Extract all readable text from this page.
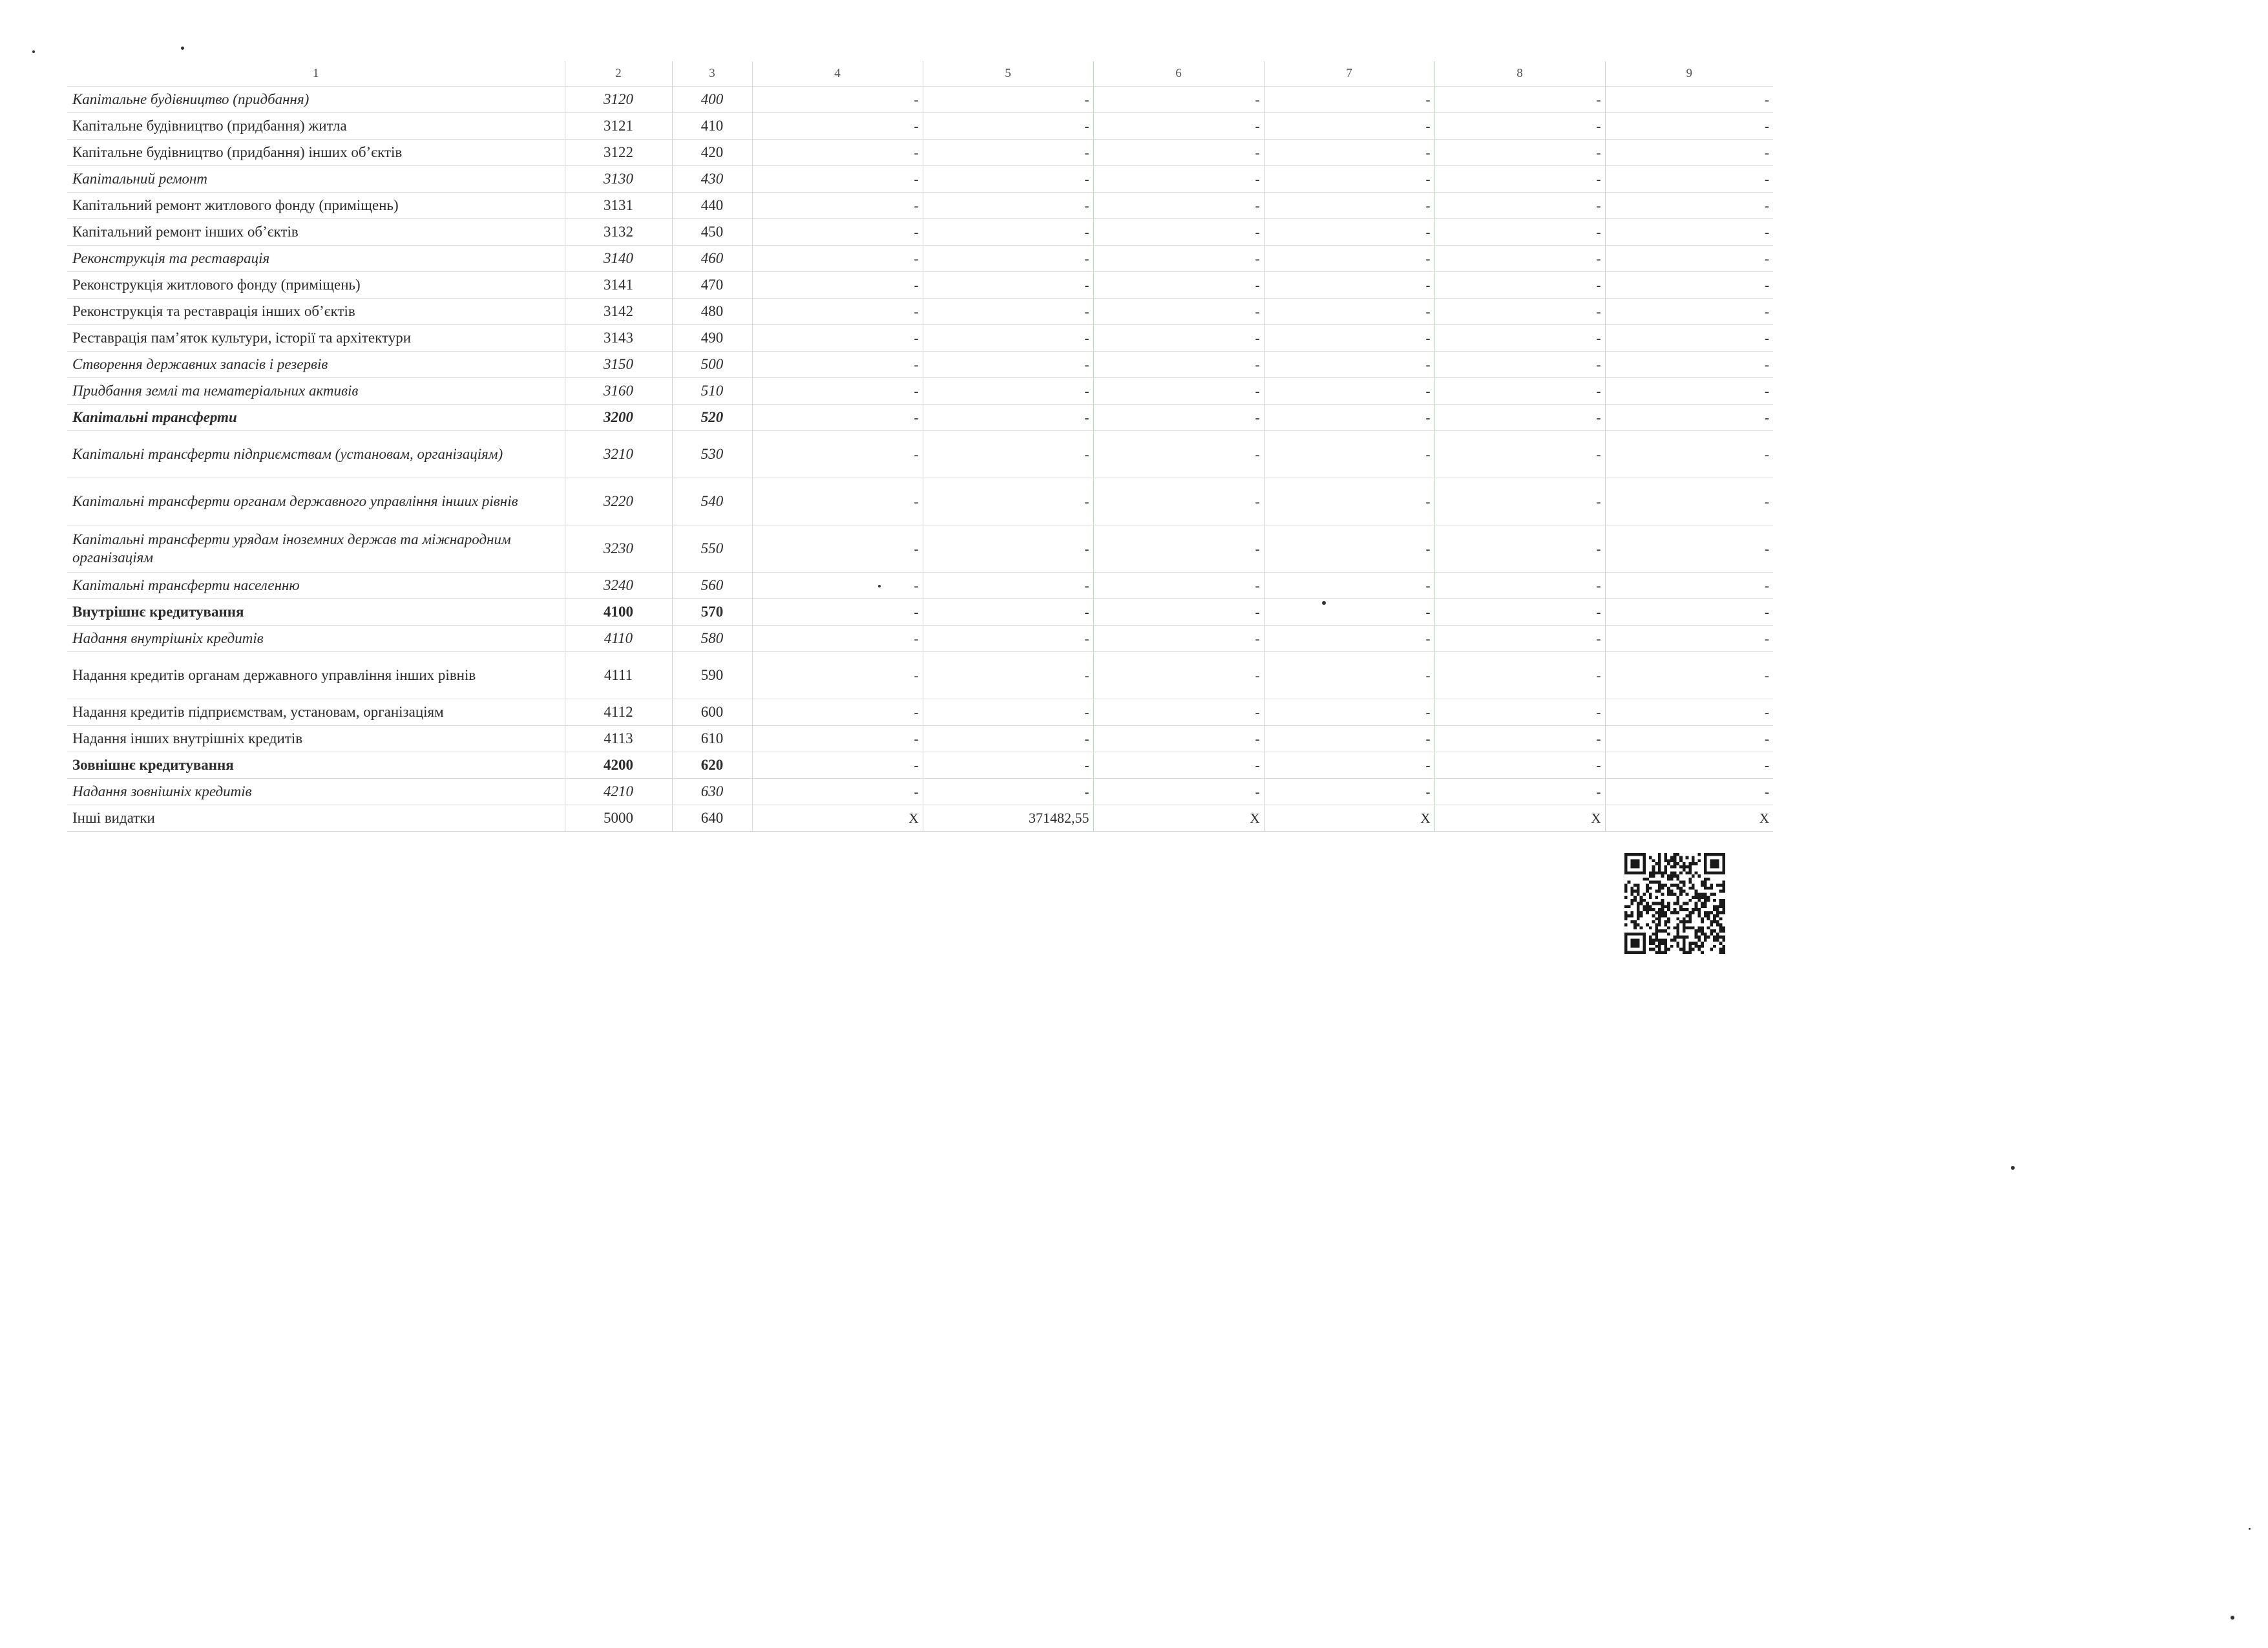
1	2	3	4	5	6	7	8	9
Капітальне будівництво (придбання)	3120	400	-	-	-	-	-	-
Капітальне будівництво (придбання) житла	3121	410	-	-	-	-	-	-
Капітальне будівництво (придбання) інших об’єктів	3122	420	-	-	-	-	-	-
Капітальний ремонт	3130	430	-	-	-	-	-	-
Капітальний ремонт житлового фонду (приміщень)	3131	440	-	-	-	-	-	-
Капітальний ремонт інших об’єктів	3132	450	-	-	-	-	-	-
Реконструкція та реставрація	3140	460	-	-	-	-	-	-
Реконструкція житлового фонду (приміщень)	3141	470	-	-	-	-	-	-
Реконструкція та реставрація інших об’єктів	3142	480	-	-	-	-	-	-
Реставрація пам’яток культури, історії та архітектури	3143	490	-	-	-	-	-	-
Створення державних запасів і резервів	3150	500	-	-	-	-	-	-
Придбання землі та нематеріальних активів	3160	510	-	-	-	-	-	-
Капітальні трансферти	3200	520	-	-	-	-	-	-
Капітальні трансферти підприємствам (установам, організаціям)	3210	530	-	-	-	-	-	-
Капітальні трансферти органам державного управління інших рівнів	3220	540	-	-	-	-	-	-
Капітальні трансферти урядам іноземних держав та міжнародним організаціям	3230	550	-	-	-	-	-	-
Капітальні трансферти населенню	3240	560	-	-	-	-	-	-
Внутрішнє кредитування	4100	570	-	-	-	-	-	-
Надання внутрішніх кредитів	4110	580	-	-	-	-	-	-
Надання кредитів органам державного управління інших рівнів	4111	590	-	-	-	-	-	-
Надання кредитів підприємствам, установам, організаціям	4112	600	-	-	-	-	-	-
Надання інших внутрішніх кредитів	4113	610	-	-	-	-	-	-
Зовнішнє кредитування	4200	620	-	-	-	-	-	-
Надання зовнішніх кредитів	4210	630	-	-	-	-	-	-
Інші видатки	5000	640	X	371482,55	X	X	X	X
